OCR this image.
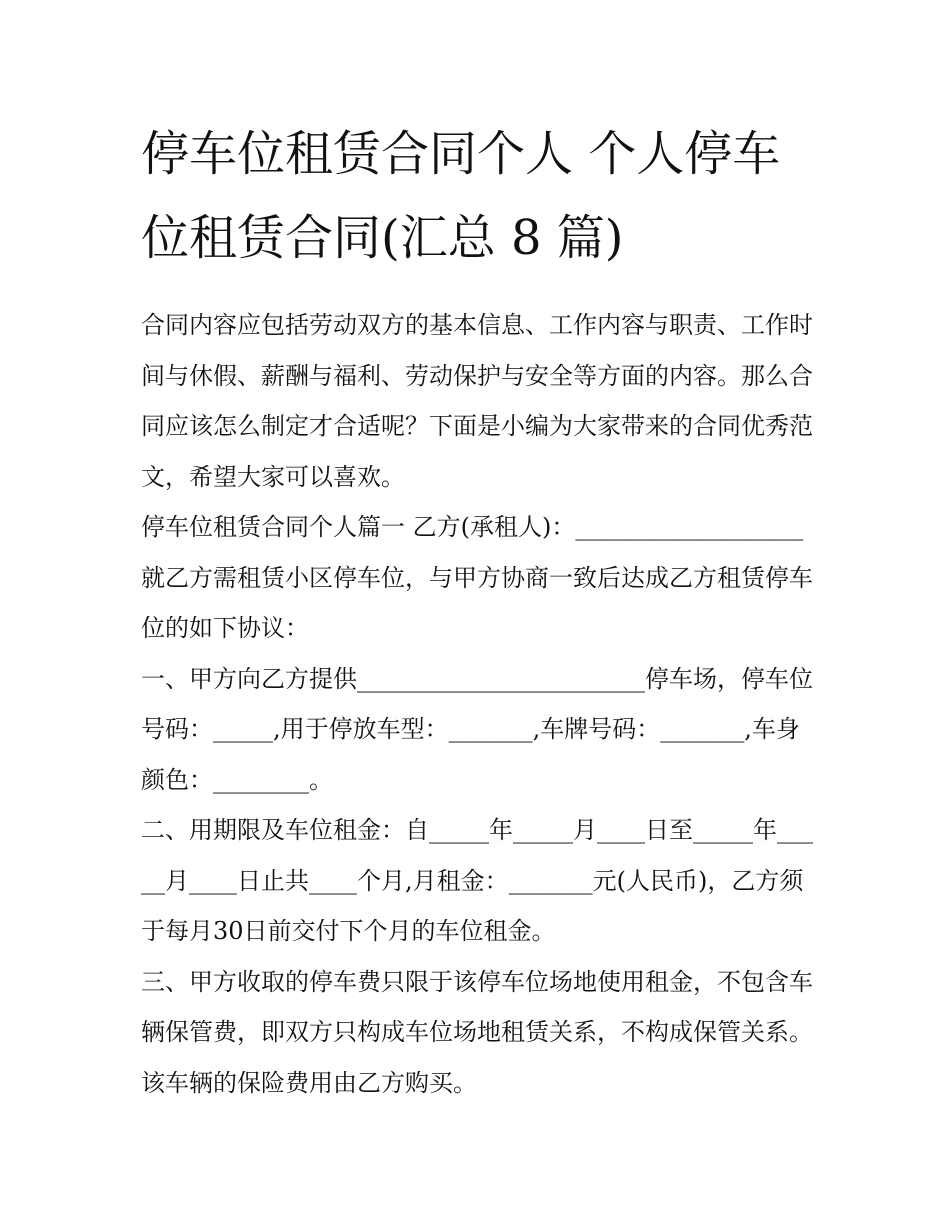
停车位租赁合同个人 个人停车位租赁合同(汇总 8 篇)

合同内容应包括劳动双方的基本信息、工作内容与职责、工作时间与休假、薪酬与福利、劳动保护与安全等方面的内容。那么合同应该怎么制定才合适呢？下面是小编为大家带来的合同优秀范文，希望大家可以喜欢。

停车位租赁合同个人篇一 乙方(承租人)：___________________就乙方需租赁小区停车位，与甲方协商一致后达成乙方租赁停车位的如下协议：

一、甲方向乙方提供________________________停车场，停车位号码：_____,用于停放车型：_______,车牌号码：_______,车身颜色：________。

二、用期限及车位租金：自_____年_____月____日至_____年_____月____日止共____个月,月租金：_______元(人民币)，乙方须于每月30日前交付下个月的车位租金。

三、甲方收取的停车费只限于该停车位场地使用租金，不包含车辆保管费，即双方只构成车位场地租赁关系，不构成保管关系。该车辆的保险费用由乙方购买。
